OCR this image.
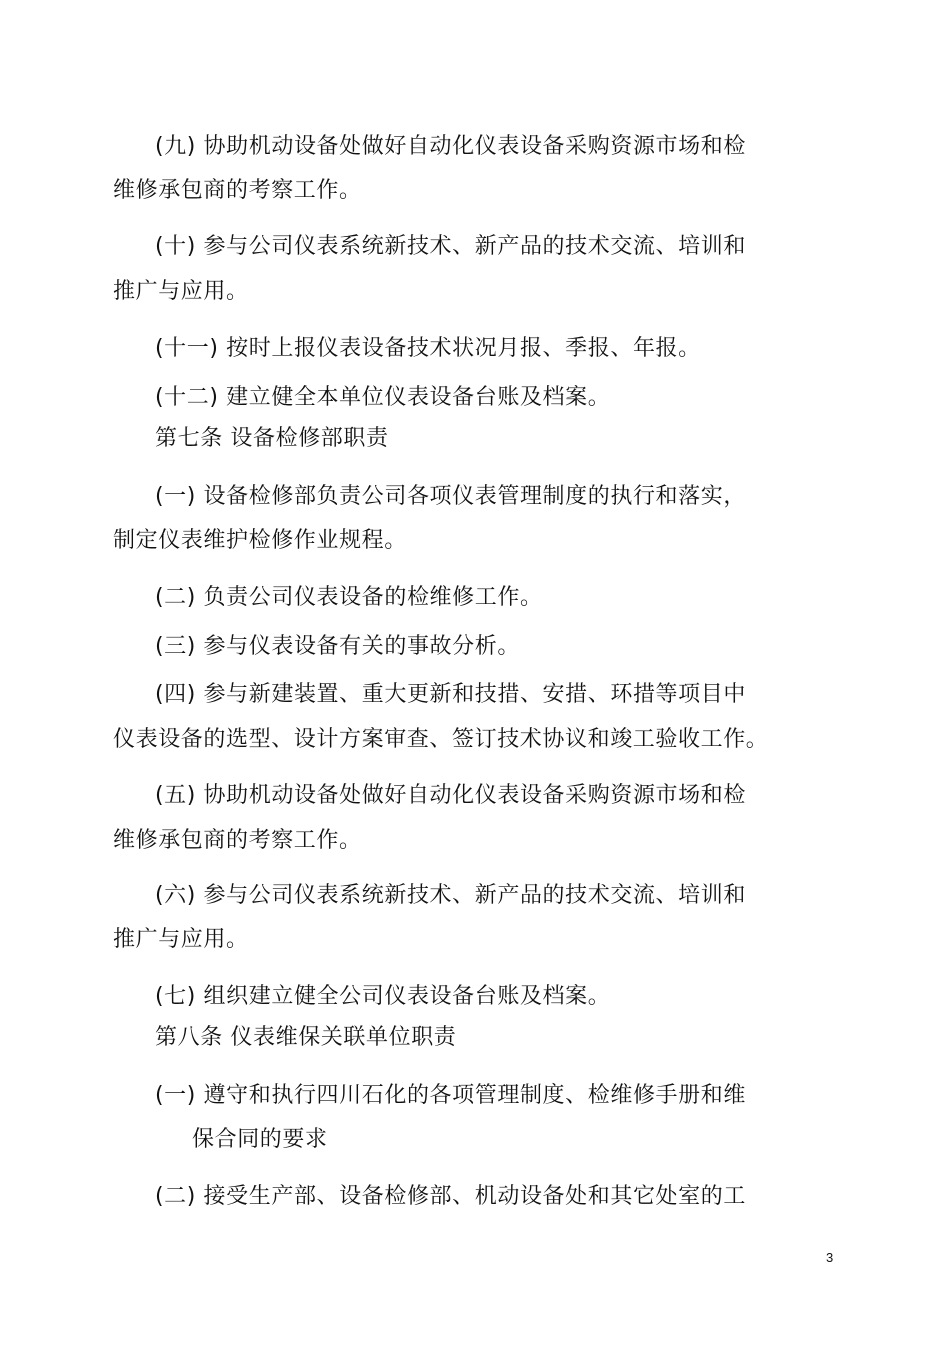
(九) 协助机动设备处做好自动化仪表设备采购资源市场和检
维修承包商的考察工作。
(十) 参与公司仪表系统新技术、新产品的技术交流、培训和
推广与应用。
(十一) 按时上报仪表设备技术状况月报、季报、年报。
(十二) 建立健全本单位仪表设备台账及档案。
第七条 设备检修部职责
(一) 设备检修部负责公司各项仪表管理制度的执行和落实，
制定仪表维护检修作业规程。
(二) 负责公司仪表设备的检维修工作。
(三) 参与仪表设备有关的事故分析。
(四) 参与新建装置、重大更新和技措、安措、环措等项目中
仪表设备的选型、设计方案审查、签订技术协议和竣工验收工作。
(五) 协助机动设备处做好自动化仪表设备采购资源市场和检
维修承包商的考察工作。
(六) 参与公司仪表系统新技术、新产品的技术交流、培训和
推广与应用。
(七) 组织建立健全公司仪表设备台账及档案。
第八条 仪表维保关联单位职责
(一) 遵守和执行四川石化的各项管理制度、检维修手册和维
保合同的要求
(二) 接受生产部、设备检修部、机动设备处和其它处室的工
3
